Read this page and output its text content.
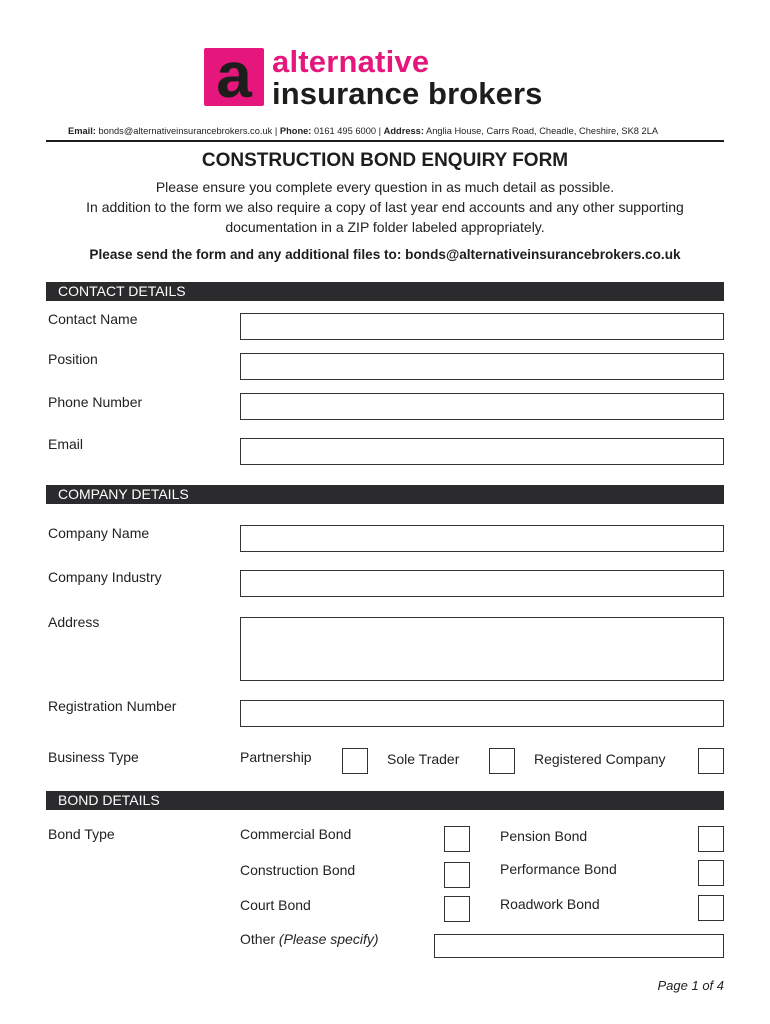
a alternative
insurance brokers
Email: bonds@alternativeinsurancebrokers.co.uk | Phone: 0161 495 6000 | Address: Anglia House, Carrs Road, Cheadle, Cheshire, SK8 2LA
CONSTRUCTION BOND ENQUIRY FORM
Please ensure you complete every question in as much detail as possible.
In addition to the form we also require a copy of last year end accounts and any other supporting
documentation in a ZIP folder labeled appropriately.
Please send the form and any additional files to: bonds@alternativeinsurancebrokers.co.uk
CONTACT DETAILS
Contact Name
Position
Phone Number
Email
COMPANY DETAILS
Company Name
Company Industry
Address
Registration Number
Business Type	Partnership	Sole Trader	Registered Company
BOND DETAILS
Bond Type	Commercial Bond	Pension Bond
Construction Bond	Performance Bond
Court Bond	Roadwork Bond
Other (Please specify)
Page 1 of 4
